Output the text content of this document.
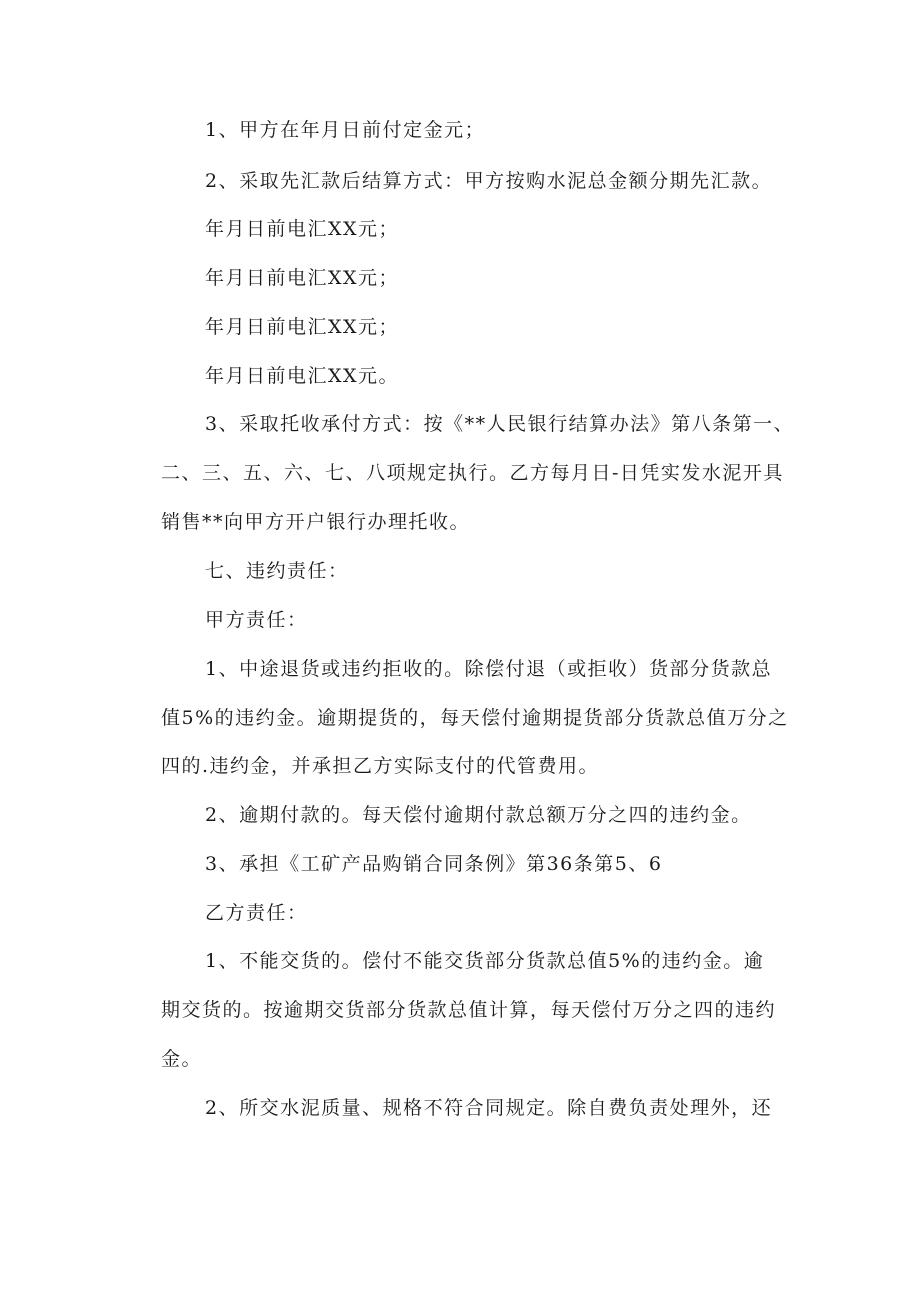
1、甲方在年月日前付定金元；

2、采取先汇款后结算方式：甲方按购水泥总金额分期先汇款。

年月日前电汇XX元；

年月日前电汇XX元；

年月日前电汇XX元；

年月日前电汇XX元。

3、采取托收承付方式：按《**人民银行结算办法》第八条第一、

二、三、五、六、七、八项规定执行。乙方每月日-日凭实发水泥开具

销售**向甲方开户银行办理托收。

七、违约责任：

甲方责任：

1、中途退货或违约拒收的。除偿付退（或拒收）货部分货款总

值5%的违约金。逾期提货的，每天偿付逾期提货部分货款总值万分之

四的.违约金，并承担乙方实际支付的代管费用。

2、逾期付款的。每天偿付逾期付款总额万分之四的违约金。

3、承担《工矿产品购销合同条例》第36条第5、6

乙方责任：

1、不能交货的。偿付不能交货部分货款总值5%的违约金。逾

期交货的。按逾期交货部分货款总值计算，每天偿付万分之四的违约

金。

2、所交水泥质量、规格不符合同规定。除自费负责处理外，还
